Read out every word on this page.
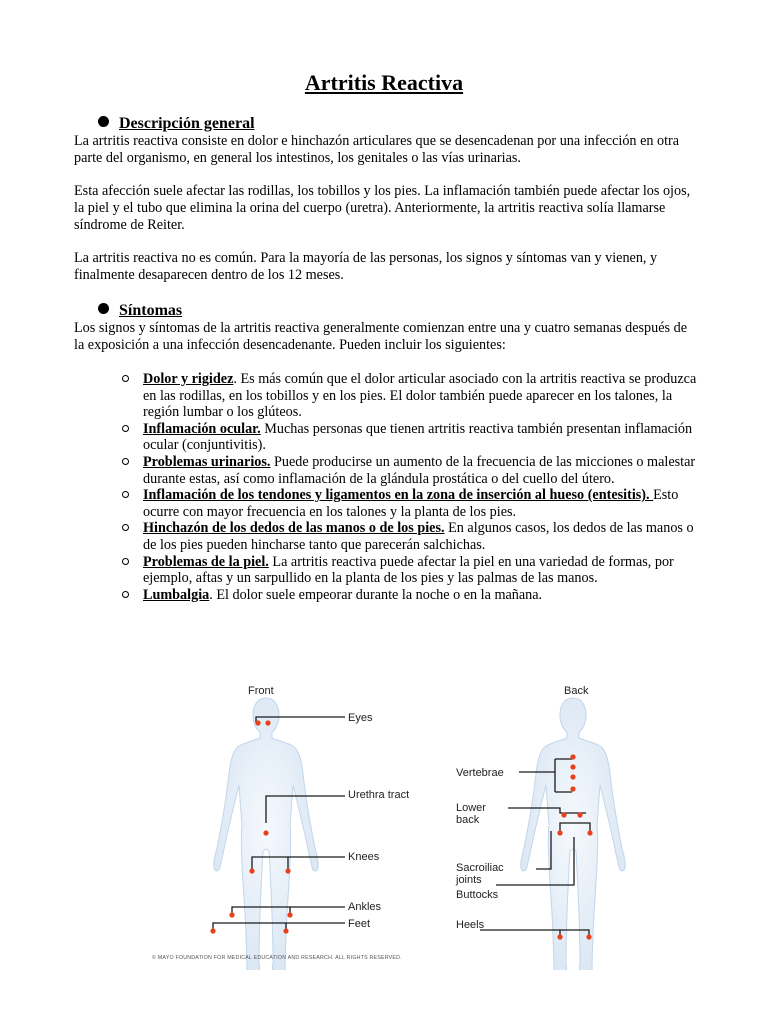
Artritis Reactiva
Descripción general
La artritis reactiva consiste en dolor e hinchazón articulares que se desencadenan por una infección en otra parte del organismo, en general los intestinos, los genitales o las vías urinarias.
Esta afección suele afectar las rodillas, los tobillos y los pies. La inflamación también puede afectar los ojos, la piel y el tubo que elimina la orina del cuerpo (uretra). Anteriormente, la artritis reactiva solía llamarse síndrome de Reiter.
La artritis reactiva no es común. Para la mayoría de las personas, los signos y síntomas van y vienen, y finalmente desaparecen dentro de los 12 meses.
Síntomas
Los signos y síntomas de la artritis reactiva generalmente comienzan entre una y cuatro semanas después de la exposición a una infección desencadenante. Pueden incluir los siguientes:
Dolor y rigidez. Es más común que el dolor articular asociado con la artritis reactiva se produzca en las rodillas, en los tobillos y en los pies. El dolor también puede aparecer en los talones, la región lumbar o los glúteos.
Inflamación ocular. Muchas personas que tienen artritis reactiva también presentan inflamación ocular (conjuntivitis).
Problemas urinarios. Puede producirse un aumento de la frecuencia de las micciones o malestar durante estas, así como inflamación de la glándula prostática o del cuello del útero.
Inflamación de los tendones y ligamentos en la zona de inserción al hueso (entesitis). Esto ocurre con mayor frecuencia en los talones y la planta de los pies.
Hinchazón de los dedos de las manos o de los pies. En algunos casos, los dedos de las manos o de los pies pueden hincharse tanto que parecerán salchichas.
Problemas de la piel. La artritis reactiva puede afectar la piel en una variedad de formas, por ejemplo, aftas y un sarpullido en la planta de los pies y las palmas de las manos.
Lumbalgia. El dolor suele empeorar durante la noche o en la mañana.
Front
Eyes
Urethra tract
Knees
Ankles
Feet
Back
Vertebrae
Lower
back
Sacroiliac
joints
Buttocks
Heels
© MAYO FOUNDATION FOR MEDICAL EDUCATION AND RESEARCH. ALL RIGHTS RESERVED.
